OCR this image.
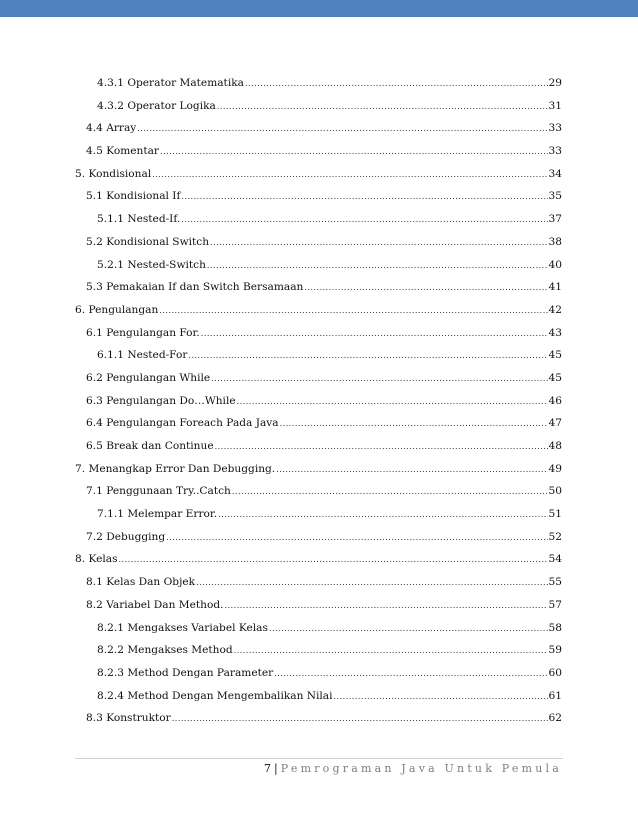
4.3.1 Operator Matematika .....	29
4.3.2 Operator Logika .....	31
4.4 Array .....	33
4.5 Komentar .....	33
5. Kondisional .....	34
5.1 Kondisional If .....	35
5.1.1 Nested-If. .....	37
5.2 Kondisional Switch .....	38
5.2.1 Nested-Switch .....	40
5.3 Pemakaian If dan Switch Bersamaan .....	41
6. Pengulangan .....	42
6.1 Pengulangan For. .....	43
6.1.1 Nested-For .....	45
6.2 Pengulangan While .....	45
6.3 Pengulangan Do…While .....	46
6.4 Pengulangan Foreach Pada Java .....	47
6.5 Break dan Continue .....	48
7. Menangkap Error Dan Debugging. .....	49
7.1 Penggunaan Try..Catch .....	50
7.1.1 Melempar Error. .....	51
7.2 Debugging .....	52
8. Kelas .....	54
8.1 Kelas Dan Objek .....	55
8.2 Variabel Dan Method. .....	57
8.2.1 Mengakses Variabel Kelas .....	58
8.2.2 Mengakses Method .....	59
8.2.3 Method Dengan Parameter .....	60
8.2.4 Method Dengan Mengembalikan Nilai .....	61
8.3 Konstruktor .....	62
7 | Pemrograman Java Untuk Pemula
